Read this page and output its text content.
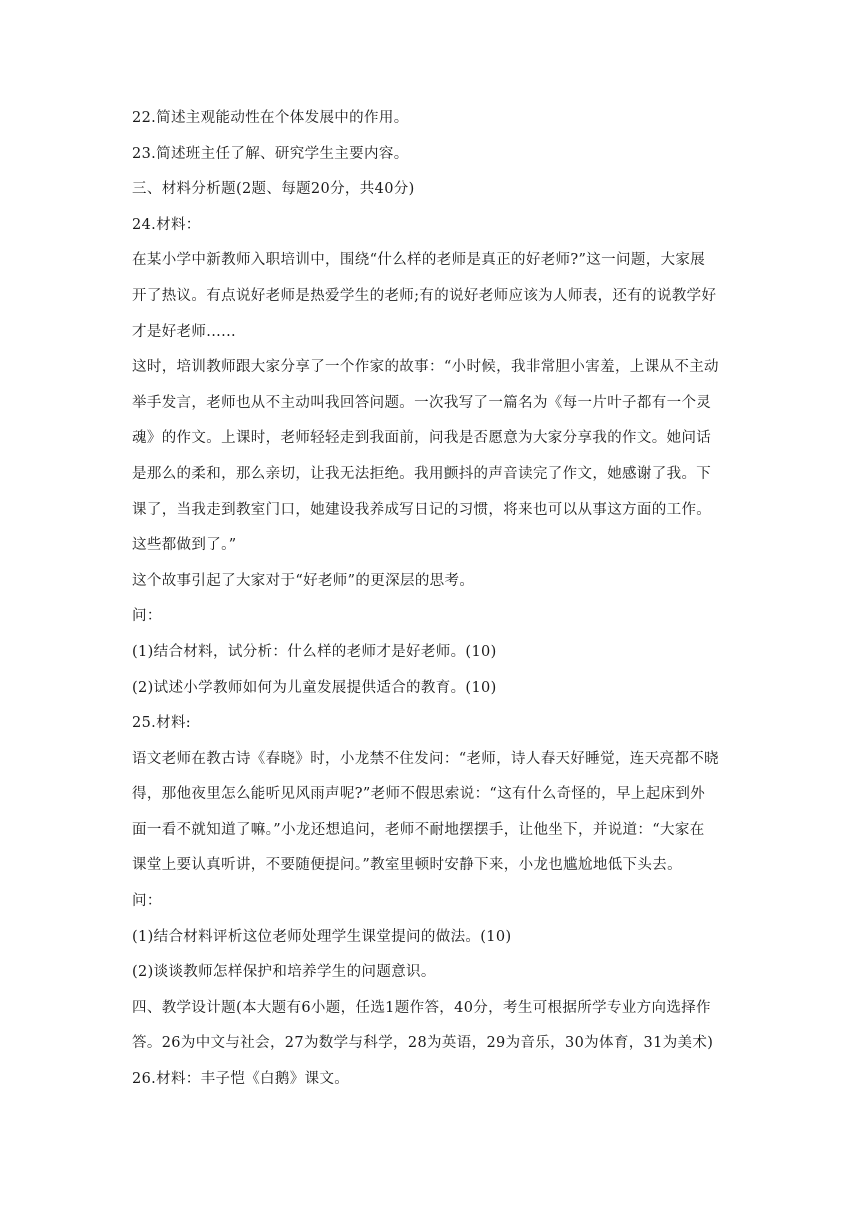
22.简述主观能动性在个体发展中的作用。
23.简述班主任了解、研究学生主要内容。
三、材料分析题(2题、每题20分，共40分)
24.材料：
在某小学中新教师入职培训中，围绕“什么样的老师是真正的好老师?”这一问题，大家展
开了热议。有点说好老师是热爱学生的老师;有的说好老师应该为人师表，还有的说教学好
才是好老师......
这时，培训教师跟大家分享了一个作家的故事：“小时候，我非常胆小害羞，上课从不主动
举手发言，老师也从不主动叫我回答问题。一次我写了一篇名为《每一片叶子都有一个灵
魂》的作文。上课时，老师轻轻走到我面前，问我是否愿意为大家分享我的作文。她问话
是那么的柔和，那么亲切，让我无法拒绝。我用颤抖的声音读完了作文，她感谢了我。下
课了，当我走到教室门口，她建设我养成写日记的习惯，将来也可以从事这方面的工作。
这些都做到了。”
这个故事引起了大家对于“好老师”的更深层的思考。
问：
(1)结合材料，试分析：什么样的老师才是好老师。(10)
(2)试述小学教师如何为儿童发展提供适合的教育。(10)
25.材料:
语文老师在教古诗《春晓》时，小龙禁不住发问：“老师，诗人春天好睡觉，连天亮都不晓
得，那他夜里怎么能听见风雨声呢?”老师不假思索说：“这有什么奇怪的，早上起床到外
面一看不就知道了嘛。”小龙还想追问，老师不耐地摆摆手，让他坐下，并说道：“大家在
课堂上要认真听讲，不要随便提问。”教室里顿时安静下来，小龙也尴尬地低下头去。
问：
(1)结合材料评析这位老师处理学生课堂提问的做法。(10)
(2)谈谈教师怎样保护和培养学生的问题意识。
四、教学设计题(本大题有6小题，任选1题作答，40分，考生可根据所学专业方向选择作
答。26为中文与社会，27为数学与科学，28为英语，29为音乐，30为体育，31为美术)
26.材料：丰子恺《白鹅》课文。
